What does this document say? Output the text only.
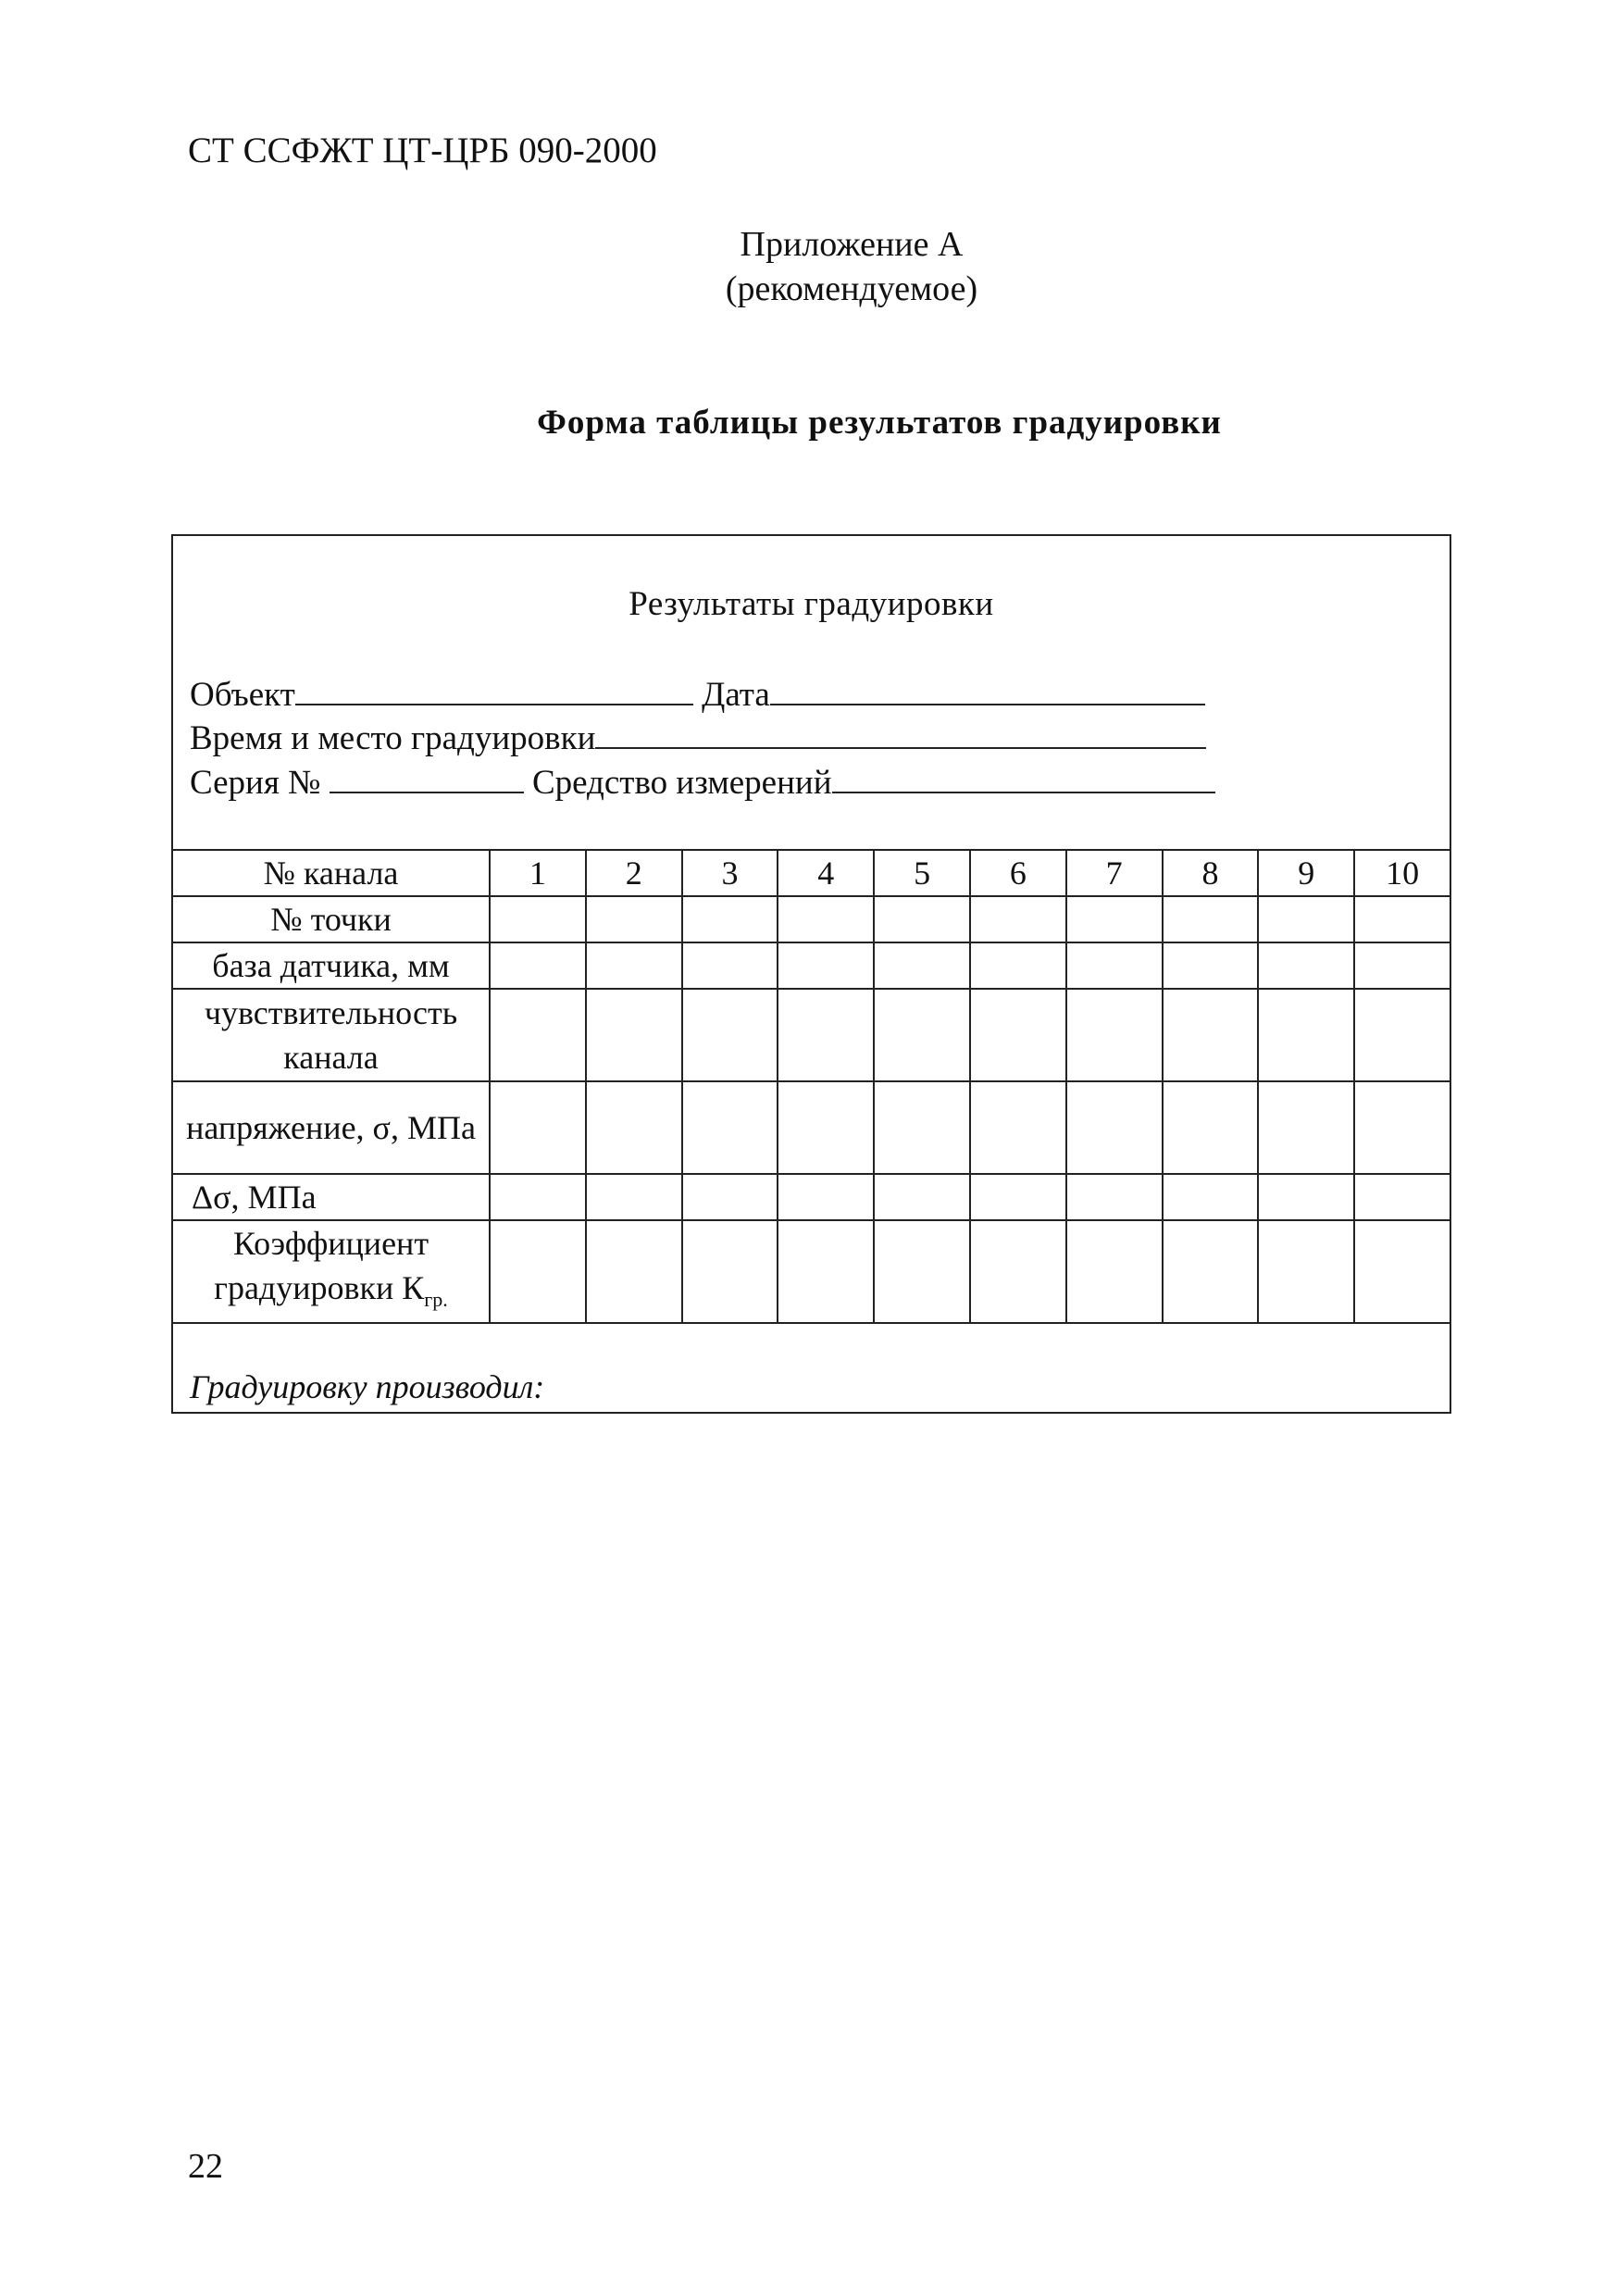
СТ ССФЖТ ЦТ-ЦРБ 090-2000
Приложение А
(рекомендуемое)
Форма таблицы результатов градуировки
Результаты градуировки
Объект	Дата
Время и место градуировки
Серия №	Средство измерений
№ канала	1	2	3	4	5	6	7	8	9	10
№ точки										
база датчика, мм										
чувствительность канала										
напряжение, σ, МПа										
Δσ, МПа										
Коэффициент градуировки $К_{гр.}$										
Градуировку производил:
22
